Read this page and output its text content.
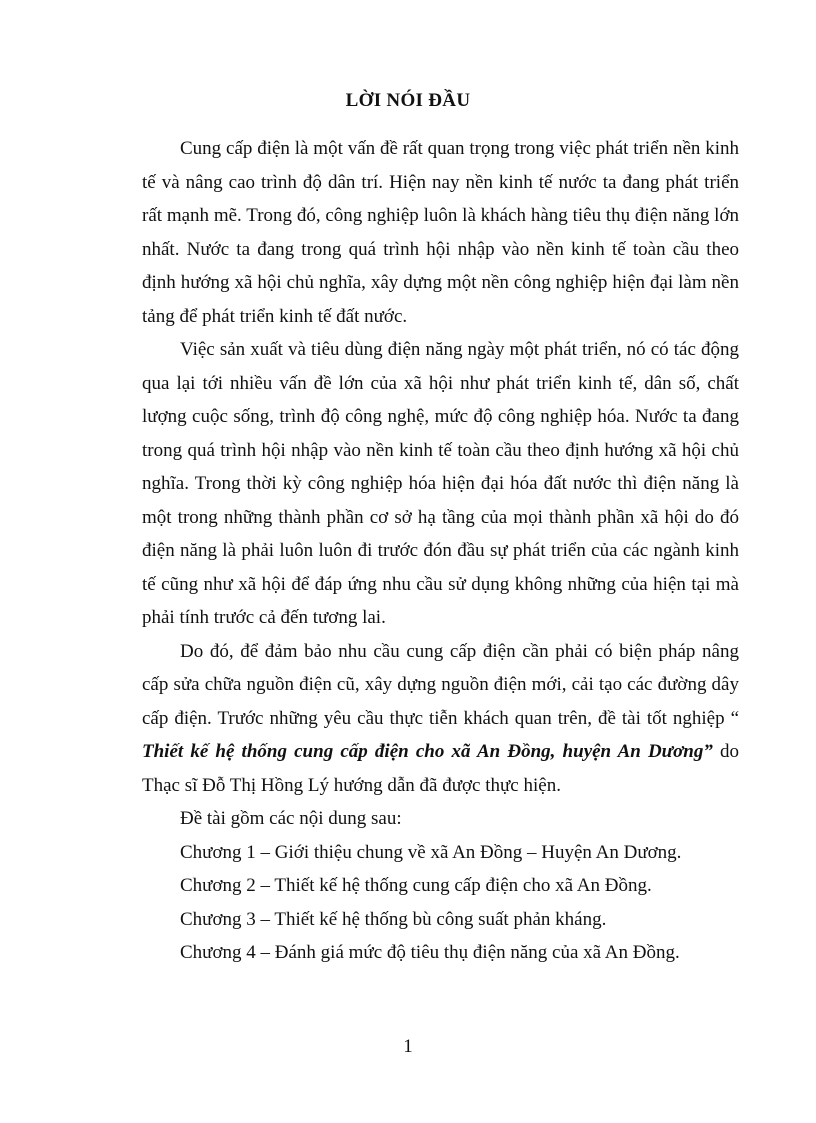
LỜI NÓI ĐẦU

Cung cấp điện là một vấn đề rất quan trọng trong việc phát triển nền kinh tế và nâng cao trình độ dân trí. Hiện nay nền kinh tế nước ta đang phát triển rất mạnh mẽ. Trong đó, công nghiệp luôn là khách hàng tiêu thụ điện năng lớn nhất. Nước ta đang trong quá trình hội nhập vào nền kinh tế toàn cầu theo định hướng xã hội chủ nghĩa, xây dựng một nền công nghiệp hiện đại làm nền tảng để phát triển kinh tế đất nước.

Việc sản xuất và tiêu dùng điện năng ngày một phát triển, nó có tác động qua lại tới nhiều vấn đề lớn của xã hội như phát triển kinh tế, dân số, chất lượng cuộc sống, trình độ công nghệ, mức độ công nghiệp hóa. Nước ta đang trong quá trình hội nhập vào nền kinh tế toàn cầu theo định hướng xã hội chủ nghĩa. Trong thời kỳ công nghiệp hóa hiện đại hóa đất nước thì điện năng là một trong những thành phần cơ sở hạ tầng của mọi thành phần xã hội do đó điện năng là phải luôn luôn đi trước đón đầu sự phát triển của các ngành kinh tế cũng như xã hội để đáp ứng nhu cầu sử dụng không những của hiện tại mà phải tính trước cả đến tương lai.

Do đó, để đảm bảo nhu cầu cung cấp điện cần phải có biện pháp nâng cấp sửa chữa nguồn điện cũ, xây dựng nguồn điện mới, cải tạo các đường dây cấp điện. Trước những yêu cầu thực tiễn khách quan trên, đề tài tốt nghiệp “ Thiết kế hệ thống cung cấp điện cho xã An Đồng, huyện An Dương” do Thạc sĩ Đỗ Thị Hồng Lý hướng dẫn đã được thực hiện.

Đề tài gồm các nội dung sau:

Chương 1 – Giới thiệu chung về xã An Đồng – Huyện An Dương.

Chương 2 – Thiết kế hệ thống cung cấp điện cho xã An Đồng.

Chương 3 – Thiết kế hệ thống bù công suất phản kháng.

Chương 4 – Đánh giá mức độ tiêu thụ điện năng của xã An Đồng.

1
